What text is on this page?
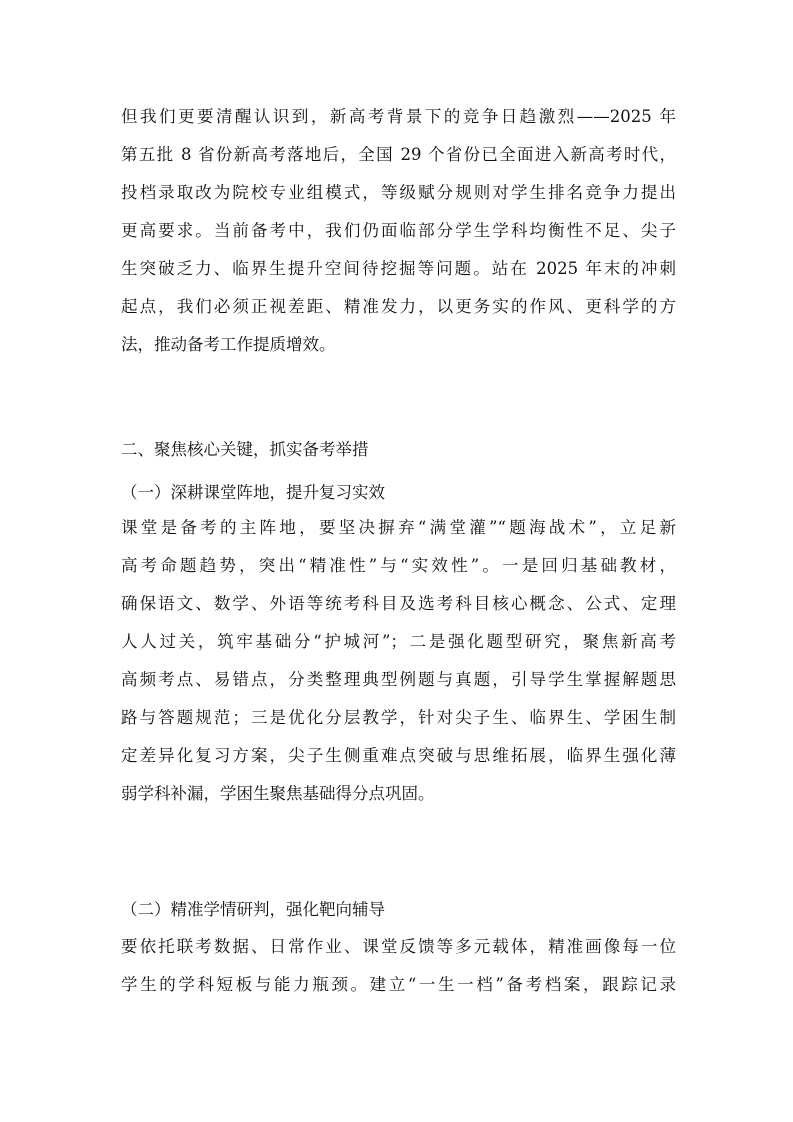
但我们更要清醒认识到，新高考背景下的竞争日趋激烈——2025 年
第五批 8 省份新高考落地后，全国 29 个省份已全面进入新高考时代，
投档录取改为院校专业组模式，等级赋分规则对学生排名竞争力提出
更高要求。当前备考中，我们仍面临部分学生学科均衡性不足、尖子
生突破乏力、临界生提升空间待挖掘等问题。站在 2025 年末的冲刺
起点，我们必须正视差距、精准发力，以更务实的作风、更科学的方
法，推动备考工作提质增效。
二、聚焦核心关键，抓实备考举措
（一）深耕课堂阵地，提升复习实效
课堂是备考的主阵地，要坚决摒弃“满堂灌”“题海战术”，立足新
高考命题趋势，突出“精准性”与“实效性”。一是回归基础教材，
确保语文、数学、外语等统考科目及选考科目核心概念、公式、定理
人人过关，筑牢基础分“护城河”；二是强化题型研究，聚焦新高考
高频考点、易错点，分类整理典型例题与真题，引导学生掌握解题思
路与答题规范；三是优化分层教学，针对尖子生、临界生、学困生制
定差异化复习方案，尖子生侧重难点突破与思维拓展，临界生强化薄
弱学科补漏，学困生聚焦基础得分点巩固。
（二）精准学情研判，强化靶向辅导
要依托联考数据、日常作业、课堂反馈等多元载体，精准画像每一位
学生的学科短板与能力瓶颈。建立“一生一档”备考档案，跟踪记录
